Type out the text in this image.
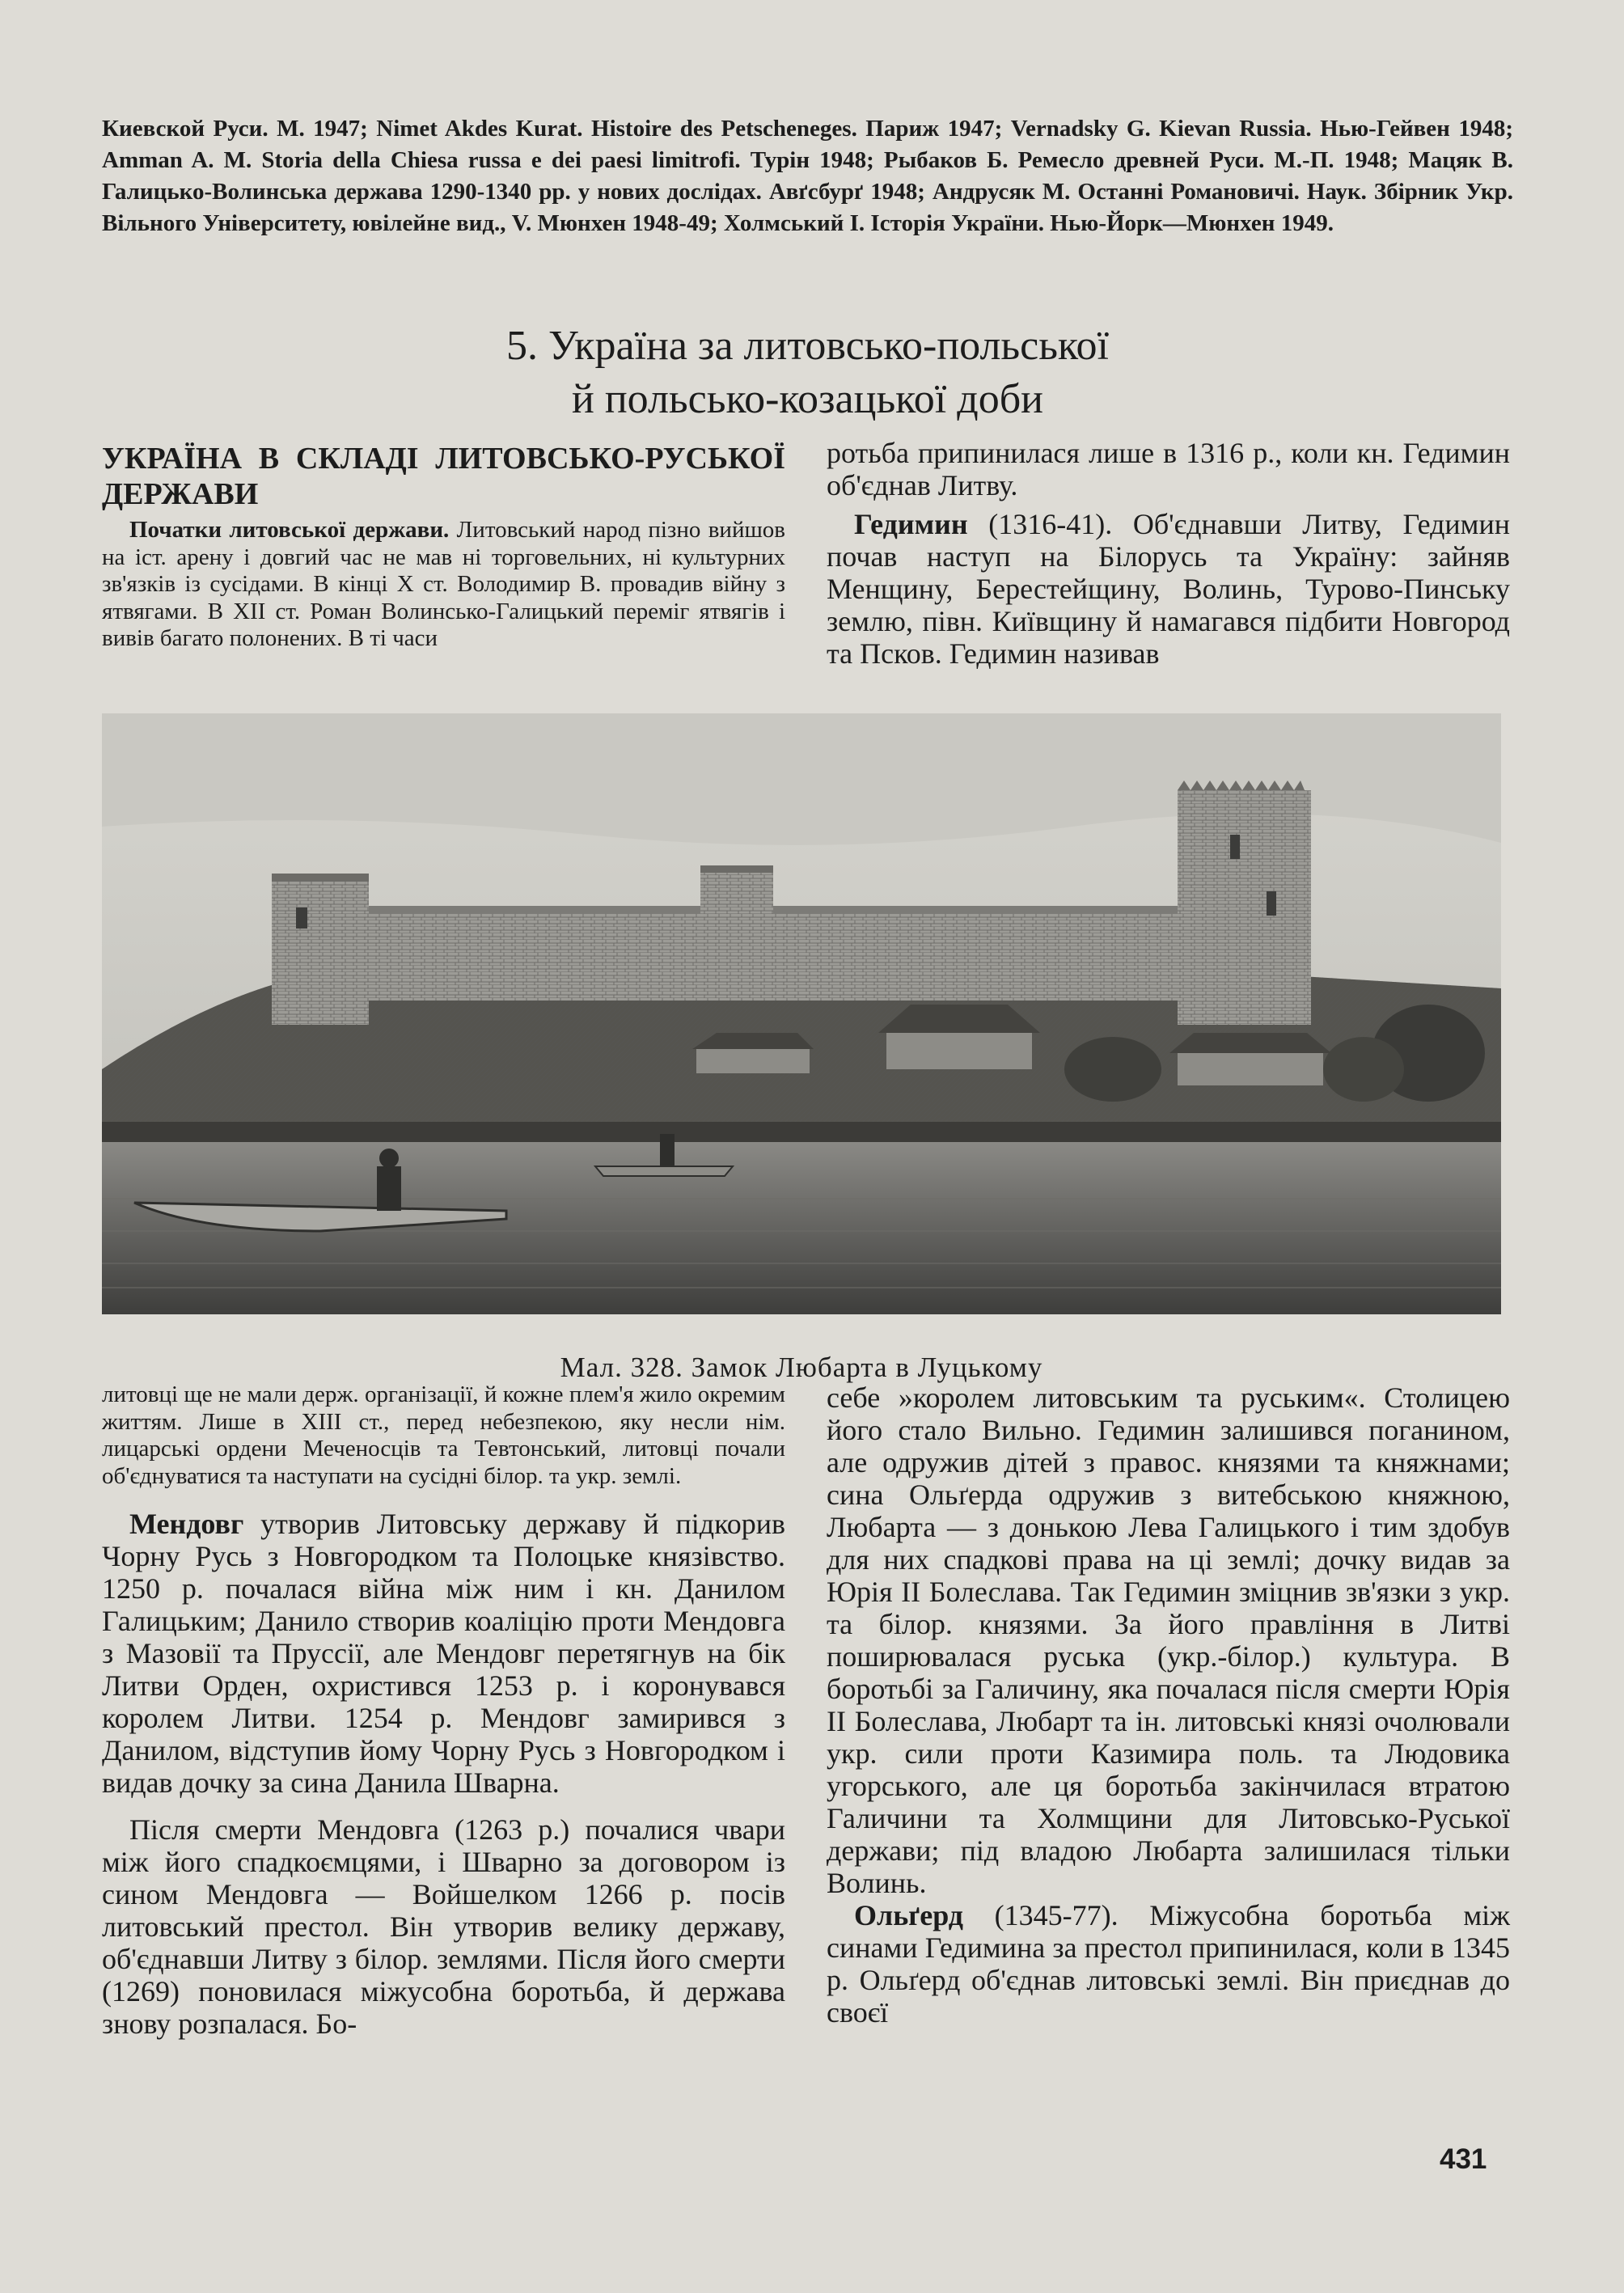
Киевской Руси. М. 1947; Nimet Akdes Kurat. Histoire des Petscheneges. Париж 1947; Vernadsky G. Kievan Russia. Нью-Гейвен 1948; Amman A. M. Storia della Chiesa russa e dei paesi limitrofi. Турін 1948; Рыбаков Б. Ремесло древней Руси. М.-П. 1948; Мацяк В. Галицько-Волинська держава 1290-1340 рр. у нових дослідах. Авґсбурґ 1948; Андрусяк М. Останні Романовичі. Наук. Збірник Укр. Вільного Університету, ювілейне вид., V. Мюнхен 1948-49; Холмський І. Історія України. Нью-Йорк—Мюнхен 1949.

5. Україна за литовсько-польської
й польсько-козацької доби
УКРАЇНА В СКЛАДІ ЛИТОВСЬКО-РУСЬКОЇ ДЕРЖАВИ

Початки литовської держави. Литовський народ пізно вийшов на іст. арену і довгий час не мав ні торговельних, ні культурних зв'язків із сусідами. В кінці X ст. Володимир В. провадив війну з ятвягами. В XII ст. Роман Волинсько-Галицький переміг ятвягів і вивів багато полонених. В ті часи

ротьба припинилася лише в 1316 р., коли кн. Гедимин об'єднав Литву.

Гедимин (1316-41). Об'єднавши Литву, Гедимин почав наступ на Білорусь та Україну: зайняв Менщину, Берестейщину, Волинь, Турово-Пинську землю, півн. Київщину й намагався підбити Новгород та Псков. Гедимин називав

Мал. 328. Замок Любарта в Луцькому

литовці ще не мали держ. організації, й кожне плем'я жило окремим життям. Лише в XIII ст., перед небезпекою, яку несли нім. лицарські ордени Меченосців та Тевтонський, литовці почали об'єднуватися та наступати на сусідні білор. та укр. землі.

Мендовг утворив Литовську державу й підкорив Чорну Русь з Новгородком та Полоцьке князівство. 1250 р. почалася війна між ним і кн. Данилом Галицьким; Данило створив коаліцію проти Мендовга з Мазовії та Пруссії, але Мендовг перетягнув на бік Литви Орден, охристився 1253 р. і коронувався королем Литви. 1254 р. Мендовг замирився з Данилом, відступив йому Чорну Русь з Новгородком і видав дочку за сина Данила Шварна.

Після смерти Мендовга (1263 р.) почалися чвари між його спадкоємцями, і Шварно за договором із сином Мендовга — Войшелком 1266 р. посів литовський престол. Він утворив велику державу, об'єднавши Литву з білор. землями. Після його смерти (1269) поновилася міжусобна боротьба, й держава знову розпалася. Бо-

себе »королем литовським та руським«. Столицею його стало Вильно. Гедимин залишився поганином, але одружив дітей з правос. князями та княжнами; сина Ольґерда одружив з витебською княжною, Любарта — з донькою Лева Галицького і тим здобув для них спадкові права на ці землі; дочку видав за Юрія II Болеслава. Так Гедимин зміцнив зв'язки з укр. та білор. князями. За його правління в Литві поширювалася руська (укр.-білор.) культура. В боротьбі за Галичину, яка почалася після смерти Юрія II Болеслава, Любарт та ін. литовські князі очолювали укр. сили проти Казимира поль. та Людовика угорського, але ця боротьба закінчилася втратою Галичини та Холмщини для Литовсько-Руської держави; під владою Любарта залишилася тільки Волинь.

Ольґерд (1345-77). Міжусобна боротьба між синами Гедимина за престол припинилася, коли в 1345 р. Ольґерд об'єднав литовські землі. Він приєднав до своєї

431
